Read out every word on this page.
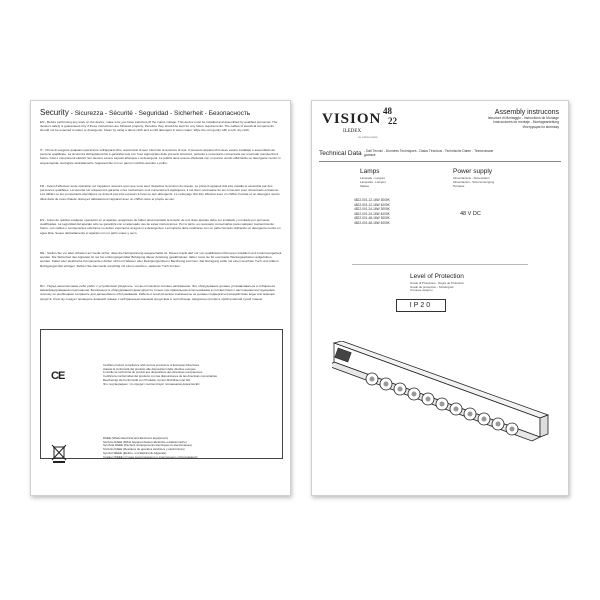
Security - Sicurezza - Sécurité - Seguridad - Sicherheit - Безопасность
EN - Before performing any work on the device, make sure you have switched off the mains voltage. This device must be installed and assembled by qualified personnel. The device's safety is guaranteed only if these instructions are followed properly, therefore they should be kept for any future requirements. The cables of electrical components should not be exposed to water or detergents. Clean by using a damp cloth and a mild detergent in warm water. Wipe the unit gently with a soft, dry cloth.
IT - Prima di eseguire qualsiasi operazione sull'apparecchio, assicurarsi di aver interrotto la tensione di rete. Il presente apparecchio deve essere installato e assemblato da persone qualificate. La sicurezza dell'apparecchio è garantita solo con l'uso appropriato delle presenti istruzioni, pertanto è necessario conservarle per eventuali manutenzioni future. Cavi e componenti elettrici non devono essere esposti all'acqua o ai detergenti. La pulizia deve essere effettuata con un panno umido utilizzando un detergente neutro in acqua tiepida. Asciugare delicatamente l'apparecchio con un panno morbido asciutto e pulito.
FR - Avant d'effectuer toute opération sur l'appareil, assurez-vous que vous avez désactivé la tension du réseau. Le présent appareil doit être installé et assemblé par des personnes qualifiées. La sécurité est uniquement garantie si les instructions sont correctement appliquées, il est donc nécessaire de les conserver pour d'éventuels entretiens. Les câbles ou les composants électriques ne doivent pas être exposés à l'eau ou aux détergents. Le nettoyage doit être effectué avec un chiffon humide et un détergent neutre dilué dans de l'eau chaude. Essuyez délicatement l'appareil avec un chiffon doux et propre au sec.
ES - Antes de realizar cualquier operación en el aparato, asegúrese de haber desconectado la tensión de red. Este aparato debe ser instalado y montado por personas cualificadas. La seguridad del aparato sólo se garantiza con el adecuado uso de estas instrucciones. Por lo tanto, es necesario conservarlas para cualquier mantenimiento futuro. Los cables o componentes eléctricos no deben exponerse al agua ni a detergentes. La limpieza debe realizarse con un paño húmedo utilizando un detergente neutro en agua tibia. Seque delicadamente el aparato con un paño suave y seco.
DE - Stellen Sie vor allen Arbeiten am Gerät sicher, dass die Netzspannung ausgeschaltet ist. Dieses Gerät darf nur von qualifizierten Personen installiert und zusammengebaut werden. Die Sicherheit des Apparats ist nur bei ordnungsgemäßer Befolgung dieser Anleitung gewährleistet, daher muss sie für eventuelle Wartungsarbeiten aufgehoben werden. Kabel oder elektrische Komponenten dürfen nicht mit Wasser oder Reinigungsmittel in Berührung kommen. Die Reinigung sollte mit einem feuchten Tuch und mildem Reinigungsmittel erfolgen. Reiben Sie das Gerät vorsichtig mit einem weichen, sauberen Tuch trocken.
RU - Перед началом каких-либо работ с устройством убедитесь, что вы отключили сетевое напряжение. Это оборудование должно устанавливаться и собираться квалифицированным персоналом. Безопасность оборудования гарантируется только при правильном использовании в соответствии с настоящими инструкциями, поэтому их необходимо сохранять для дальнейшего обслуживания. Кабели и электрические компоненты не должны подвергаться воздействию воды или моющих средств. Очистку следует проводить влажной тканью с нейтральным моющим средством в теплой воде. Аккуратно протрите прибор мягкой сухой тканью.
CE
Certifies product compliance with current provisions of European Directives
Attesta la conformità del prodotto alle disposizioni delle direttive europee
Il certifie la conformité du produit aux dispositions des directives européennes
Certifica la conformidad del producto con las disposiciones de las directivas comunitarias
Bescheinigt die Konformität von Produkte mit den Richtlinien der EG
Это подтверждает, что продукт соответствует положениям директив ЕС
RAEE (Waste Electrical and Electronic Equipment)
Simbolo RAEE (Rifiuti Apparecchiature Elettriche ed Elettroniche)
Symbole DEEE (Déchets d'équipements électriques et électroniques)
Símbolo RAEE (Residuos de aparatos eléctricos y electrónicos)
Symbol WEEE (Elektro- und Elektronik-Altgeräte)
Символ WEEE (отходы электрического и электронного оборудования)
VISION 48
22
ILEDEX
ILLUMINAZIONE
Assembly instrucons
Istruzioni di Montaggio - Instructions de Montage
Instrucciones de montaje - Montageanleitung
Инструкция по монтажу
Technical Data - Dati Tecnici - Données Techniques - Datos Técnicos - Technische Daten - Технические данные
Lamps
Lampade - Lampes
Lámparas - Lampen
Лампы
Power supply
Alimentazione - Alimentation
Alimentación - Stromversorgung
Питание
4822-001-12-16W 3000K
4822-001-12-16W 4000K
4822-001-24-16W 3000K
4822-001-24-16W 4000K
4822-001-48-16W 3000K
4822-001-48-16W 4000K
48 V DC
Level of Protection
Grado di Protezione - Degré de Protection
Grado de protección - Schutzgrad
Степень защиты
IP20
